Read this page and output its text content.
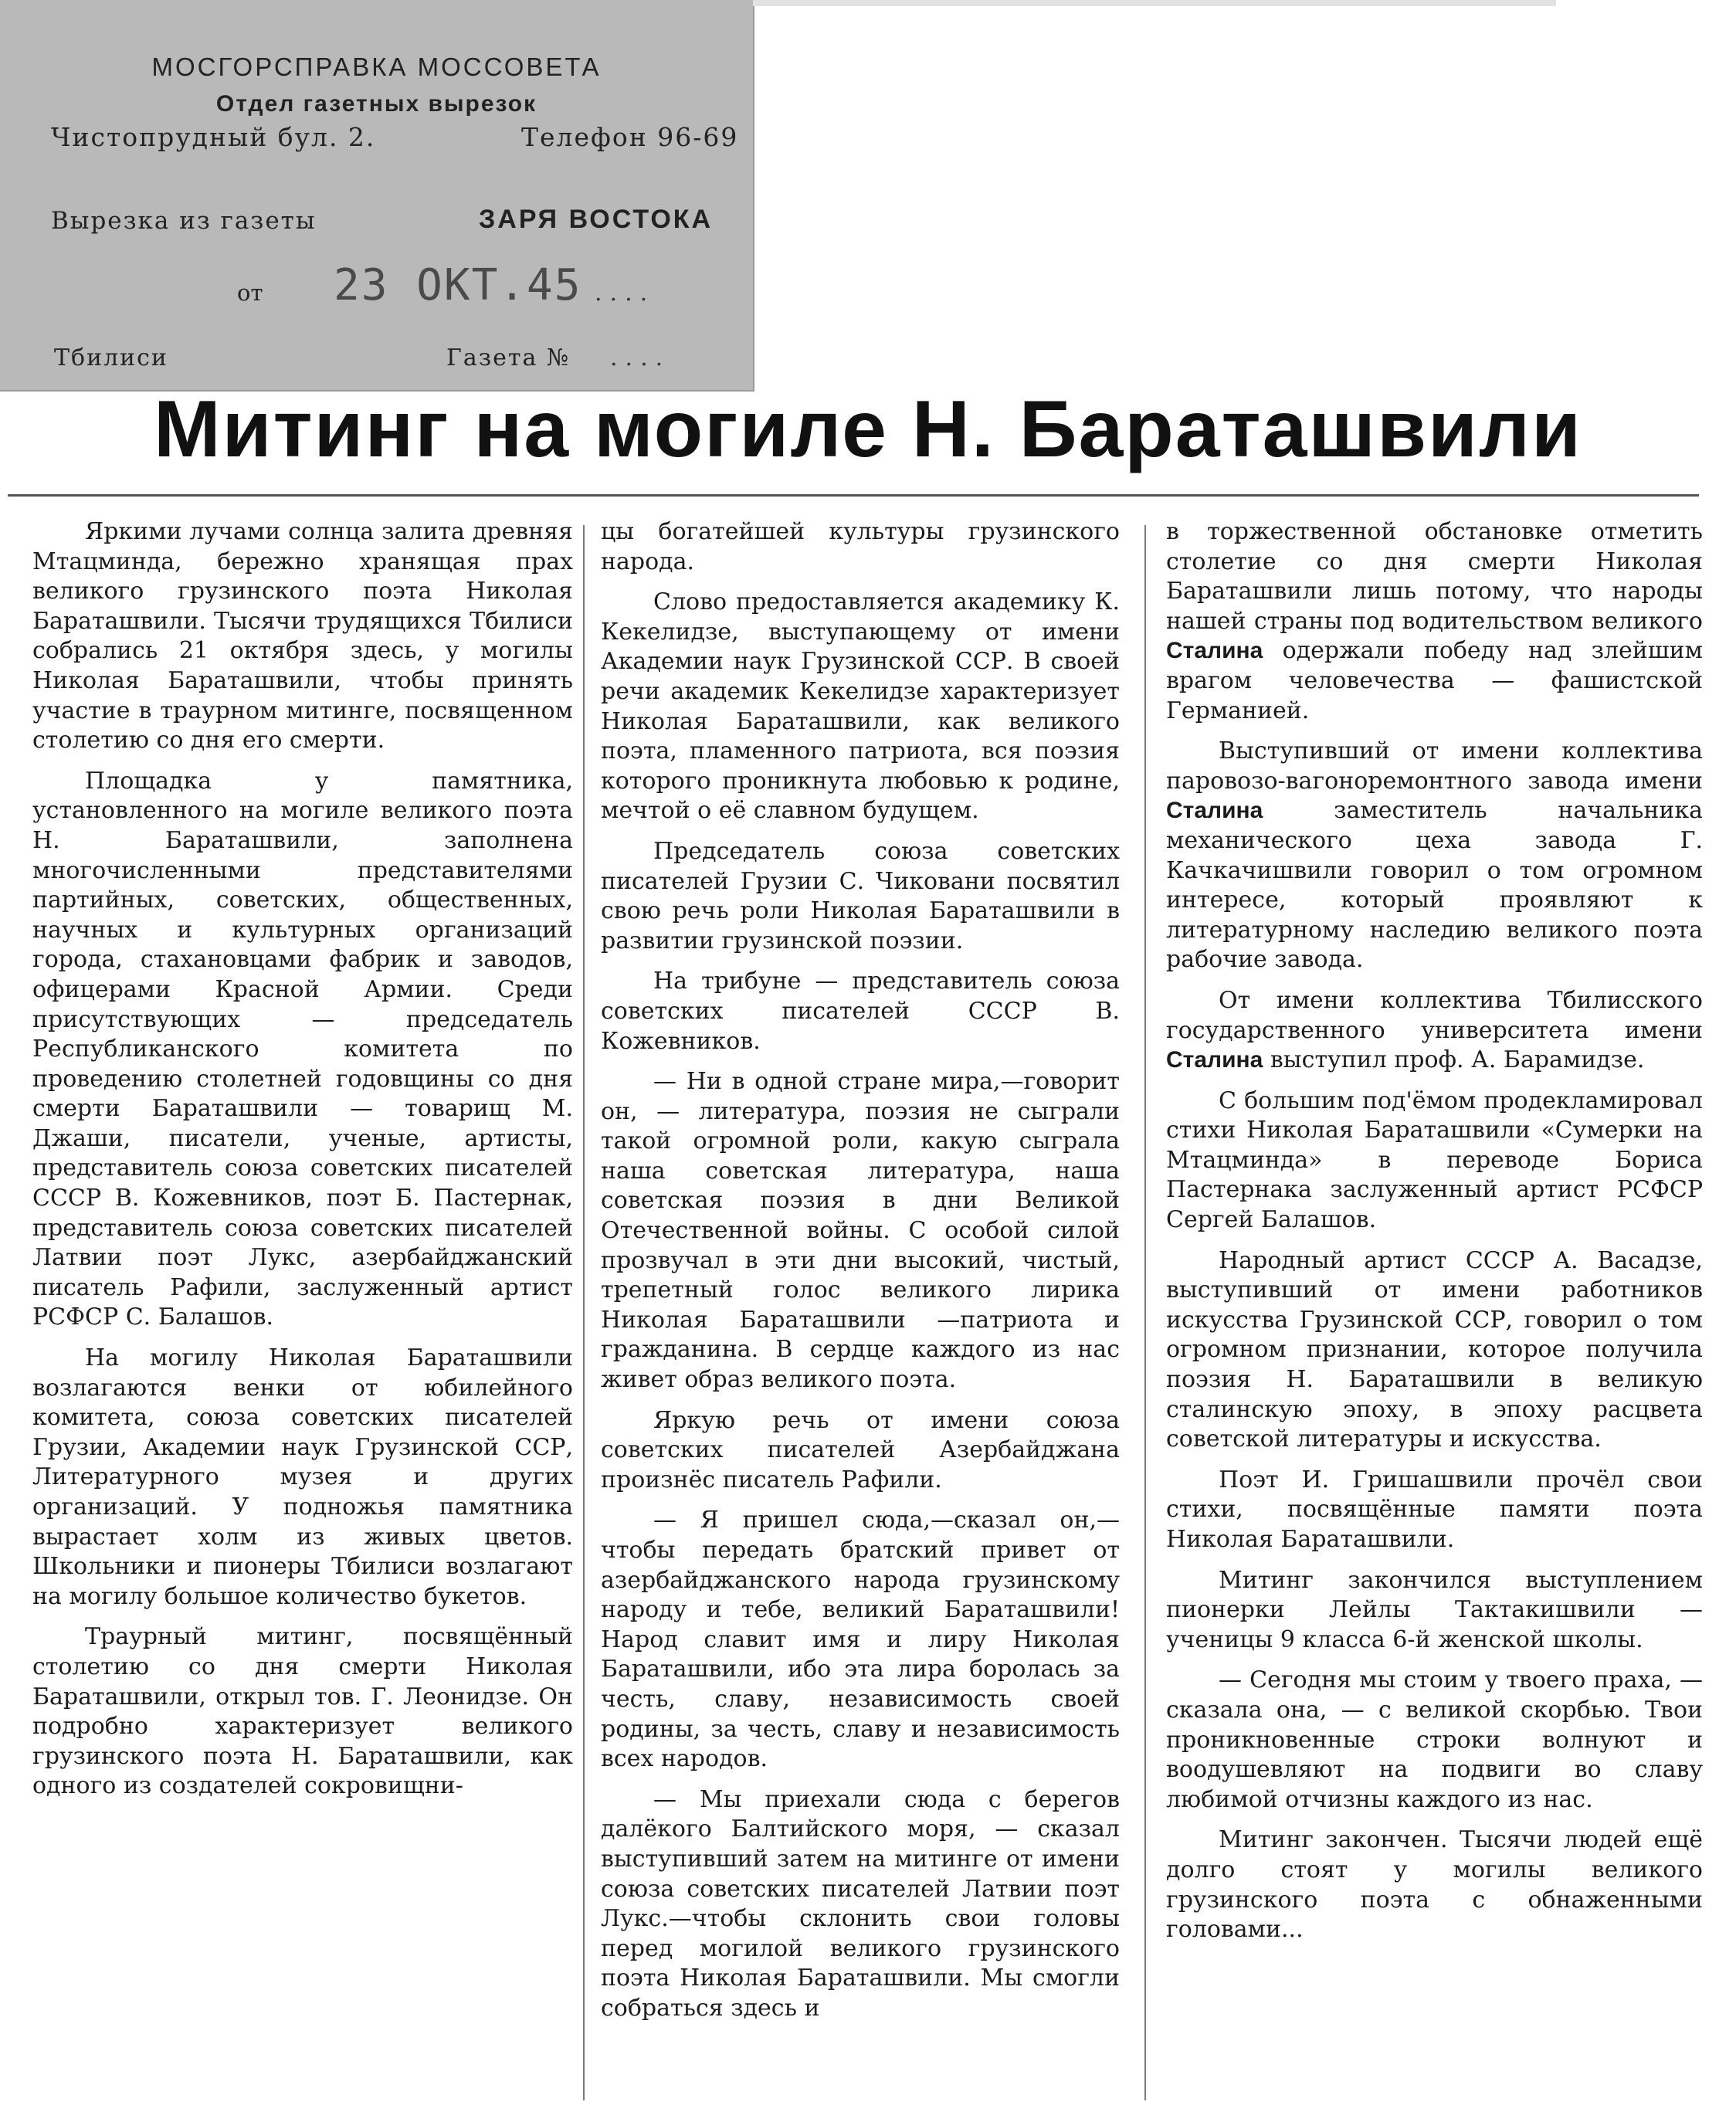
МОСГОРСПРАВКА МОССОВЕТА
Отдел газетных вырезок
Чистопрудный бул. 2.	Телефон 96-69
Вырезка из газеты	ЗАРЯ ВОСТОКА
от 23 ОКТ.45 ....
Тбилиси	Газета № ....
Митинг на могиле Н. Бараташвили

Яркими лучами солнца залита древняя Мтацминда, бережно хранящая прах великого грузинского поэта Николая Бараташвили. Тысячи трудящихся Тбилиси собрались 21 октября здесь, у могилы Николая Бараташвили, чтобы принять участие в траурном митинге, посвященном столетию со дня его смерти.

Площадка у памятника, установленного на могиле великого поэта Н. Бараташвили, заполнена многочисленными представителями партийных, советских, общественных, научных и культурных организаций города, стахановцами фабрик и заводов, офицерами Красной Армии. Среди присутствующих — председатель Республиканского комитета по проведению столетней годовщины со дня смерти Бараташвили — товарищ М. Джаши, писатели, ученые, артисты, представитель союза советских писателей СССР В. Кожевников, поэт Б. Пастернак, представитель союза советских писателей Латвии поэт Лукс, азербайджанский писатель Рафили, заслуженный артист РСФСР С. Балашов.

На могилу Николая Бараташвили возлагаются венки от юбилейного комитета, союза советских писателей Грузии, Академии наук Грузинской ССР, Литературного музея и других организаций. У подножья памятника вырастает холм из живых цветов. Школьники и пионеры Тбилиси возлагают на могилу большое количество букетов.

Траурный митинг, посвящённый столетию со дня смерти Николая Бараташвили, открыл тов. Г. Леонидзе. Он подробно характеризует великого грузинского поэта Н. Бараташвили, как одного из создателей сокровищни-

цы богатейшей культуры грузинского народа.

Слово предоставляется академику К. Кекелидзе, выступающему от имени Академии наук Грузинской ССР. В своей речи академик Кекелидзе характеризует Николая Бараташвили, как великого поэта, пламенного патриота, вся поэзия которого проникнута любовью к родине, мечтой о её славном будущем.

Председатель союза советских писателей Грузии С. Чиковани посвятил свою речь роли Николая Бараташвили в развитии грузинской поэзии.

На трибуне — представитель союза советских писателей СССР В. Кожевников.

— Ни в одной стране мира,—говорит он, — литература, поэзия не сыграли такой огромной роли, какую сыграла наша советская литература, наша советская поэзия в дни Великой Отечественной войны. С особой силой прозвучал в эти дни высокий, чистый, трепетный голос великого лирика Николая Бараташвили —патриота и гражданина. В сердце каждого из нас живет образ великого поэта.

Яркую речь от имени союза советских писателей Азербайджана произнёс писатель Рафили.

— Я пришел сюда,—сказал он,— чтобы передать братский привет от азербайджанского народа грузинскому народу и тебе, великий Бараташвили! Народ славит имя и лиру Николая Бараташвили, ибо эта лира боролась за честь, славу, независимость своей родины, за честь, славу и независимость всех народов.

— Мы приехали сюда с берегов далёкого Балтийского моря, — сказал выступивший затем на митинге от имени союза советских писателей Латвии поэт Лукс.—чтобы склонить свои головы перед могилой великого грузинского поэта Николая Бараташвили. Мы смогли собраться здесь и

в торжественной обстановке отметить столетие со дня смерти Николая Бараташвили лишь потому, что народы нашей страны под водительством великого Сталина одержали победу над злейшим врагом человечества — фашистской Германией.

Выступивший от имени коллектива паровозо-вагоноремонтного завода имени Сталина заместитель начальника механического цеха завода Г. Качкачишвили говорил о том огромном интересе, который проявляют к литературному наследию великого поэта рабочие завода.

От имени коллектива Тбилисского государственного университета имени Сталина выступил проф. А. Барамидзе.

С большим под'ёмом продекламировал стихи Николая Бараташвили «Сумерки на Мтацминда» в переводе Бориса Пастернака заслуженный артист РСФСР Сергей Балашов.

Народный артист СССР А. Васадзе, выступивший от имени работников искусства Грузинской ССР, говорил о том огромном признании, которое получила поэзия Н. Бараташвили в великую сталинскую эпоху, в эпоху расцвета советской литературы и искусства.

Поэт И. Гришашвили прочёл свои стихи, посвящённые памяти поэта Николая Бараташвили.

Митинг закончился выступлением пионерки Лейлы Тактакишвили — ученицы 9 класса 6-й женской школы.

— Сегодня мы стоим у твоего праха, — сказала она, — с великой скорбью. Твои проникновенные строки волнуют и воодушевляют на подвиги во славу любимой отчизны каждого из нас.

Митинг закончен. Тысячи людей ещё долго стоят у могилы великого грузинского поэта с обнаженными головами...
